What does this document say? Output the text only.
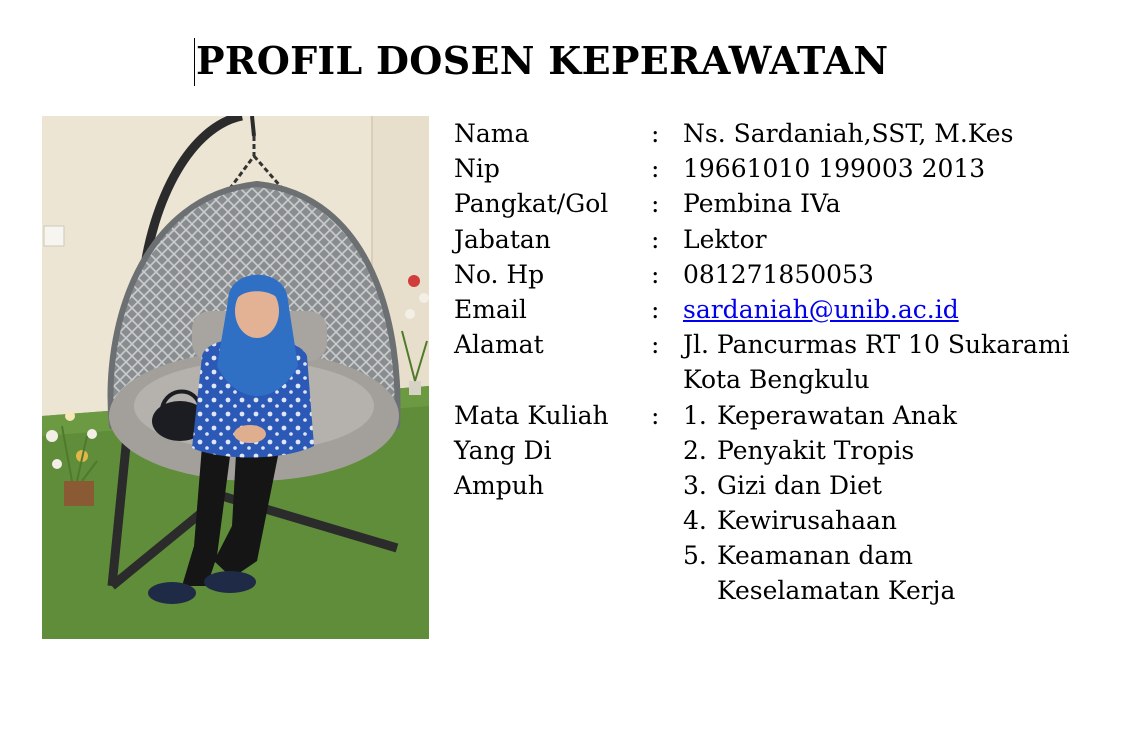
PROFIL DOSEN KEPERAWATAN
Nama	: Ns. Sardaniah,SST, M.Kes
Nip	: 19661010 199003 2013
Pangkat/Gol : Pembina IVa
Jabatan	: Lektor
No. Hp	: 081271850053
Email	: sardaniah@unib.ac.id
Alamat	: Jl. Pancurmas RT 10 Sukarami
Kota Bengkulu
Mata Kuliah : 1. Keperawatan Anak
Yang Di	2. Penyakit Tropis
Ampuh	3. Gizi dan Diet
4. Kewirusahaan
5. Keamanan dam
Keselamatan Kerja
